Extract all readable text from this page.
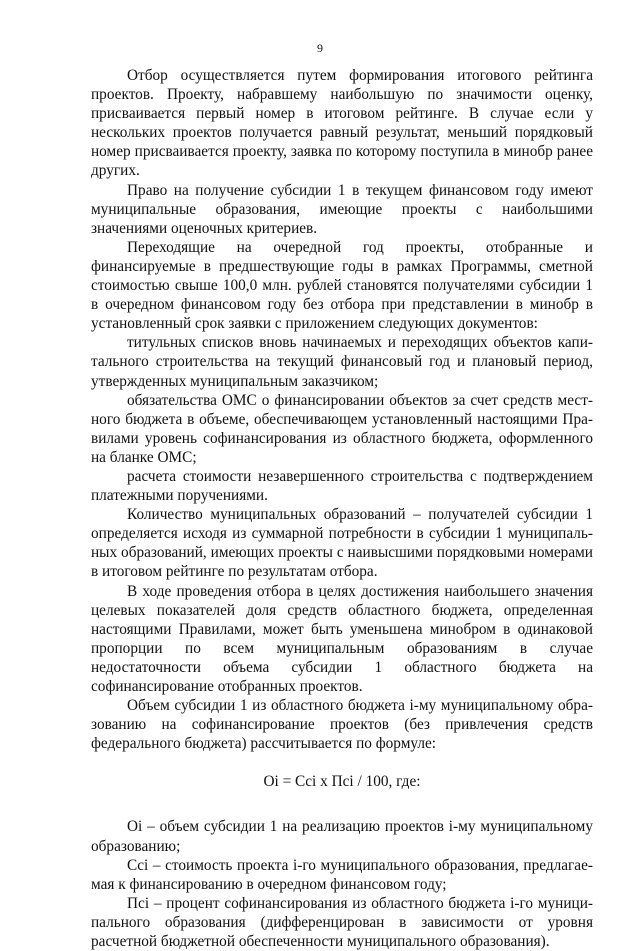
9

Отбор осуществляется путем формирования итогового рейтинга проектов. Проекту, набравшему наибольшую по значимости оценку, присваивается первый номер в итоговом рейтинге. В случае если у нескольких проектов получается равный результат, меньший порядковый номер присваивается проекту, заявка по которому поступила в минобр ранее других.

Право на получение субсидии 1 в текущем финансовом году имеют муниципальные образования, имеющие проекты с наибольшими значениями оценочных критериев.

Переходящие на очередной год проекты, отобранные и финансируемые в предшествующие годы в рамках Программы, сметной стоимостью свыше 100,0 млн. рублей становятся получателями субсидии 1 в очередном финансовом году без отбора при представлении в минобр в установленный срок заявки с приложением следующих документов:

титульных списков вновь начинаемых и переходящих объектов капитального строительства на текущий финансовый год и плановый период, утвержденных муниципальным заказчиком;

обязательства ОМС о финансировании объектов за счет средств местного бюджета в объеме, обеспечивающем установленный настоящими Правилами уровень софинансирования из областного бюджета, оформленного на бланке ОМС;

расчета стоимости незавершенного строительства с подтверждением платежными поручениями.

Количество муниципальных образований – получателей субсидии 1 определяется исходя из суммарной потребности в субсидии 1 муниципальных образований, имеющих проекты с наивысшими порядковыми номерами в итоговом рейтинге по результатам отбора.

В ходе проведения отбора в целях достижения наибольшего значения целевых показателей доля средств областного бюджета, определенная настоящими Правилами, может быть уменьшена минобром в одинаковой пропорции по всем муниципальным образованиям в случае недостаточности объема субсидии 1 областного бюджета на софинансирование отобранных проектов.

Объем субсидии 1 из областного бюджета i-му муниципальному образованию на софинансирование проектов (без привлечения средств федерального бюджета) рассчитывается по формуле:

Oi = Cci x Пci / 100, где:

Oi – объем субсидии 1 на реализацию проектов i-му муниципальному образованию;

Cci – стоимость проекта i-го муниципального образования, предлагаемая к финансированию в очередном финансовом году;

Пci – процент софинансирования из областного бюджета i-го муниципального образования (дифференцирован в зависимости от уровня расчетной бюджетной обеспеченности муниципального образования).
